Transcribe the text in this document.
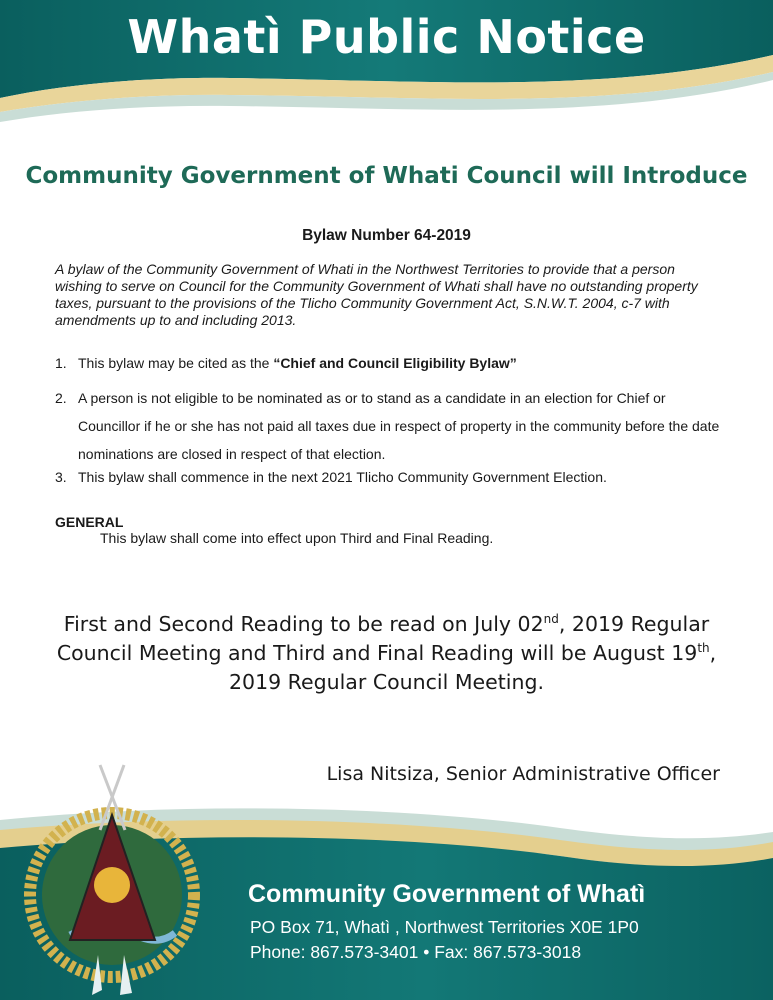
Whatì Public Notice
Community Government of Whati Council will Introduce
Bylaw Number 64-2019
A bylaw of the Community Government of Whati in the Northwest Territories to provide that a person wishing to serve on Council for the Community Government of Whati shall have no outstanding property taxes, pursuant to the provisions of the Tlicho Community Government Act, S.N.W.T. 2004, c-7 with amendments up to and including 2013.
1. This bylaw may be cited as the “Chief and Council Eligibility Bylaw”
2. A person is not eligible to be nominated as or to stand as a candidate in an election for Chief or Councillor if he or she has not paid all taxes due in respect of property in the community before the date nominations are closed in respect of that election.
3. This bylaw shall commence in the next 2021 Tlicho Community Government Election.
GENERAL
This bylaw shall come into effect upon Third and Final Reading.
First and Second Reading to be read on July 02nd, 2019 Regular Council Meeting and Third and Final Reading will be August 19th, 2019 Regular Council Meeting.
Lisa Nitsiza, Senior Administrative Officer
Community Government of Whatì
PO Box 71, Whatì , Northwest Territories X0E 1P0
Phone: 867.573-3401 • Fax: 867.573-3018
